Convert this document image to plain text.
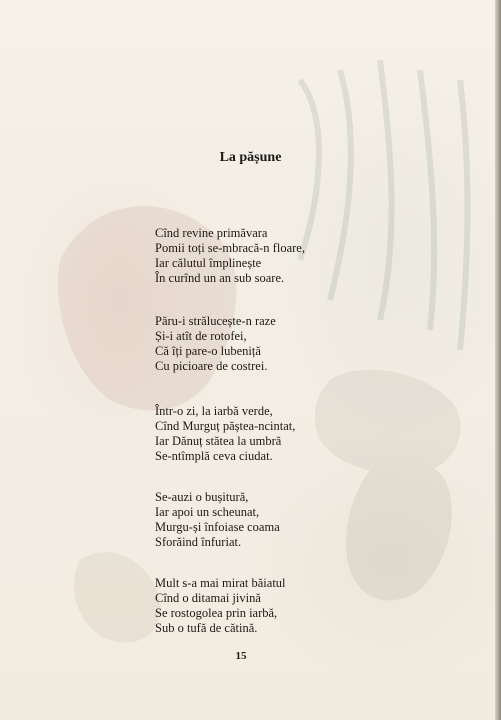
La pășune
Cînd revine primăvara
Pomii toți se-mbracă-n floare,
Iar călutul împlinește
În curînd un an sub soare.
Păru-i strălucește-n raze
Și-i atît de rotofei,
Că îți pare-o lubeniță
Cu picioare de costrei.
Într-o zi, la iarbă verde,
Cînd Murguț păștea-ncintat,
Iar Dănuț stătea la umbră
Se-ntîmplă ceva ciudat.
Se-auzi o bușitură,
Iar apoi un scheunat,
Murgu-și înfoiase coama
Sforăind înfuriat.
Mult s-a mai mirat băiatul
Cînd o ditamai jivină
Se rostogolea prin iarbă,
Sub o tufă de cătină.
15
